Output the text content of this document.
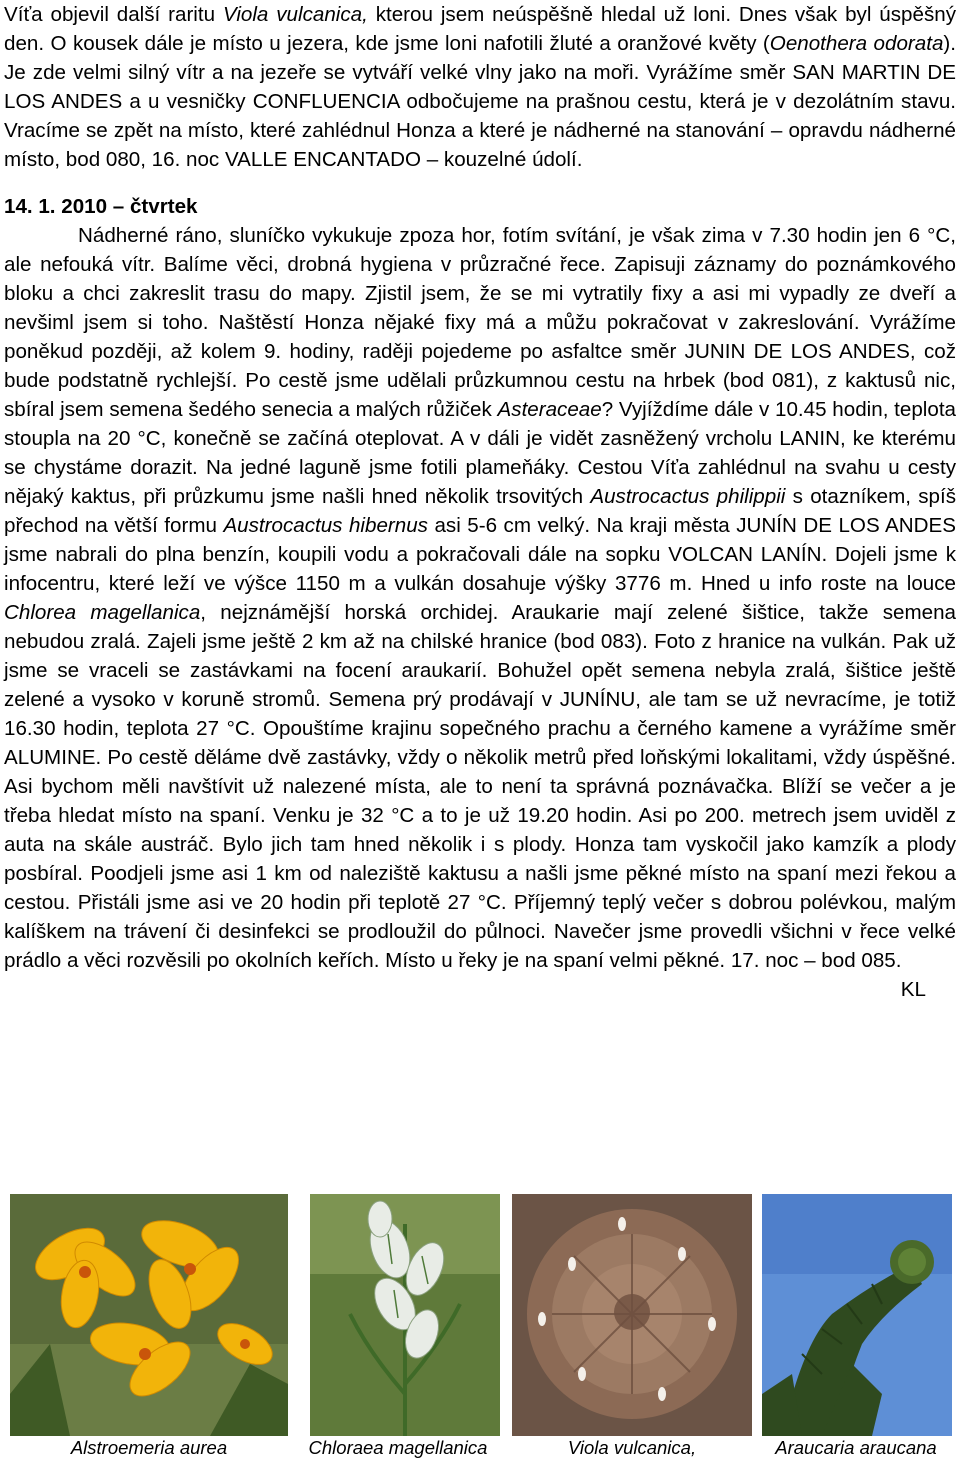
Víťa objevil další raritu Viola vulcanica, kterou jsem neúspěšně hledal už loni. Dnes však byl úspěšný den. O kousek dále je místo u jezera, kde jsme loni nafotili žluté a oranžové květy (Oenothera odorata). Je zde velmi silný vítr a na jezeře se vytváří velké vlny jako na moři. Vyrážíme směr SAN MARTIN DE LOS ANDES a u vesničky CONFLUENCIA odbočujeme na prašnou cestu, která je v dezolátním stavu. Vracíme se zpět na místo, které zahlédnul Honza a které je nádherné na stanování – opravdu nádherné místo, bod 080, 16. noc VALLE ENCANTADO – kouzelné údolí.

14. 1. 2010 – čtvrtek

Nádherné ráno, sluníčko vykukuje zpoza hor, fotím svítání, je však zima v 7.30 hodin jen 6 °C, ale nefouká vítr. Balíme věci, drobná hygiena v průzračné řece. Zapisuji záznamy do poznámkového bloku a chci zakreslit trasu do mapy. Zjistil jsem, že se mi vytratily fixy a asi mi vypadly ze dveří a nevšiml jsem si toho. Naštěstí Honza nějaké fixy má a můžu pokračovat v zakreslování. Vyrážíme poněkud později, až kolem 9. hodiny, raději pojedeme po asfaltce směr JUNIN DE LOS ANDES, což bude podstatně rychlejší. Po cestě jsme udělali průzkumnou cestu na hrbek (bod 081), z kaktusů nic, sbíral jsem semena šedého senecia a malých růžiček Asteraceae? Vyjíždíme dále v 10.45 hodin, teplota stoupla na 20 °C, konečně se začíná oteplovat. A v dáli je vidět zasněžený vrcholu LANIN, ke kterému se chystáme dorazit. Na jedné laguně jsme fotili plameňáky. Cestou Víťa zahlédnul na svahu u cesty nějaký kaktus, při průzkumu jsme našli hned několik trsovitých Austrocactus philippii s otazníkem, spíš přechod na větší formu Austrocactus hibernus asi 5-6 cm velký. Na kraji města JUNÍN DE LOS ANDES jsme nabrali do plna benzín, koupili vodu a pokračovali dále na sopku VOLCAN LANÍN. Dojeli jsme k infocentru, které leží ve výšce 1150 m a vulkán dosahuje výšky 3776 m. Hned u info roste na louce Chlorea magellanica, nejznámější horská orchidej. Araukarie mají zelené šištice, takže semena nebudou zralá. Zajeli jsme ještě 2 km až na chilské hranice (bod 083). Foto z hranice na vulkán. Pak už jsme se vraceli se zastávkami na focení araukarií. Bohužel opět semena nebyla zralá, šištice ještě zelené a vysoko v koruně stromů. Semena prý prodávají v JUNÍNU, ale tam se už nevracíme, je totiž 16.30 hodin, teplota 27 °C. Opouštíme krajinu sopečného prachu a černého kamene a vyrážíme směr ALUMINE. Po cestě děláme dvě zastávky, vždy o několik metrů před loňskými lokalitami, vždy úspěšné. Asi bychom měli navštívit už nalezené místa, ale to není ta správná poznávačka. Blíží se večer a je třeba hledat místo na spaní. Venku je 32 °C a to je už 19.20 hodin. Asi po 200. metrech jsem uviděl z auta na skále austráč. Bylo jich tam hned několik i s plody. Honza tam vyskočil jako kamzík a plody posbíral. Poodjeli jsme asi 1 km od naleziště kaktusu a našli jsme pěkné místo na spaní mezi řekou a cestou. Přistáli jsme asi ve 20 hodin při teplotě 27 °C. Příjemný teplý večer s dobrou polévkou, malým kalíškem na trávení či desinfekci se prodloužil do půlnoci. Navečer jsme provedli všichni v řece velké prádlo a věci rozvěsili po okolních keřích. Místo u řeky je na spaní velmi pěkné. 17. noc – bod 085.
KL

Alstroemeria aurea	Chloraea magellanica	Viola vulcanica,	Araucaria araucana
